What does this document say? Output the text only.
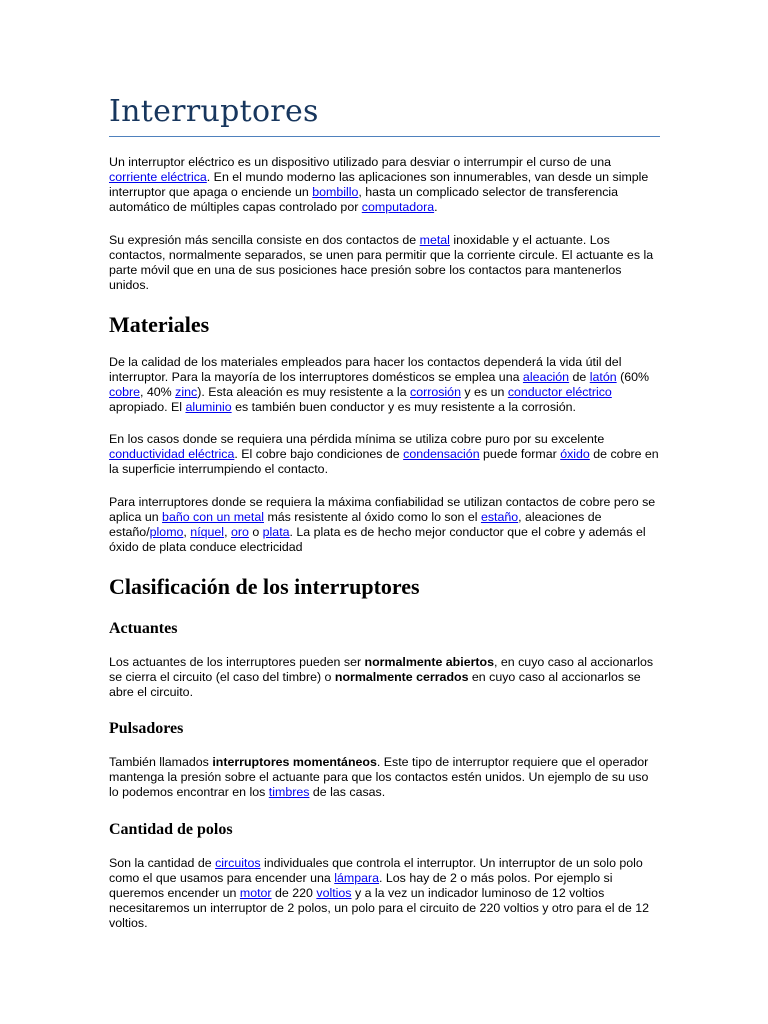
Interruptores

Un interruptor eléctrico es un dispositivo utilizado para desviar o interrumpir el curso de una corriente eléctrica. En el mundo moderno las aplicaciones son innumerables, van desde un simple interruptor que apaga o enciende un bombillo, hasta un complicado selector de transferencia automático de múltiples capas controlado por computadora.

Su expresión más sencilla consiste en dos contactos de metal inoxidable y el actuante. Los contactos, normalmente separados, se unen para permitir que la corriente circule. El actuante es la parte móvil que en una de sus posiciones hace presión sobre los contactos para mantenerlos unidos.

Materiales

De la calidad de los materiales empleados para hacer los contactos dependerá la vida útil del interruptor. Para la mayoría de los interruptores domésticos se emplea una aleación de latón (60% cobre, 40% zinc). Esta aleación es muy resistente a la corrosión y es un conductor eléctrico apropiado. El aluminio es también buen conductor y es muy resistente a la corrosión.

En los casos donde se requiera una pérdida mínima se utiliza cobre puro por su excelente conductividad eléctrica. El cobre bajo condiciones de condensación puede formar óxido de cobre en la superficie interrumpiendo el contacto.

Para interruptores donde se requiera la máxima confiabilidad se utilizan contactos de cobre pero se aplica un baño con un metal más resistente al óxido como lo son el estaño, aleaciones de estaño/plomo, níquel, oro o plata. La plata es de hecho mejor conductor que el cobre y además el óxido de plata conduce electricidad

Clasificación de los interruptores
Actuantes

Los actuantes de los interruptores pueden ser normalmente abiertos, en cuyo caso al accionarlos se cierra el circuito (el caso del timbre) o normalmente cerrados en cuyo caso al accionarlos se abre el circuito.

Pulsadores

También llamados interruptores momentáneos. Este tipo de interruptor requiere que el operador mantenga la presión sobre el actuante para que los contactos estén unidos. Un ejemplo de su uso lo podemos encontrar en los timbres de las casas.

Cantidad de polos

Son la cantidad de circuitos individuales que controla el interruptor. Un interruptor de un solo polo como el que usamos para encender una lámpara. Los hay de 2 o más polos. Por ejemplo si queremos encender un motor de 220 voltios y a la vez un indicador luminoso de 12 voltios necesitaremos un interruptor de 2 polos, un polo para el circuito de 220 voltios y otro para el de 12 voltios.
